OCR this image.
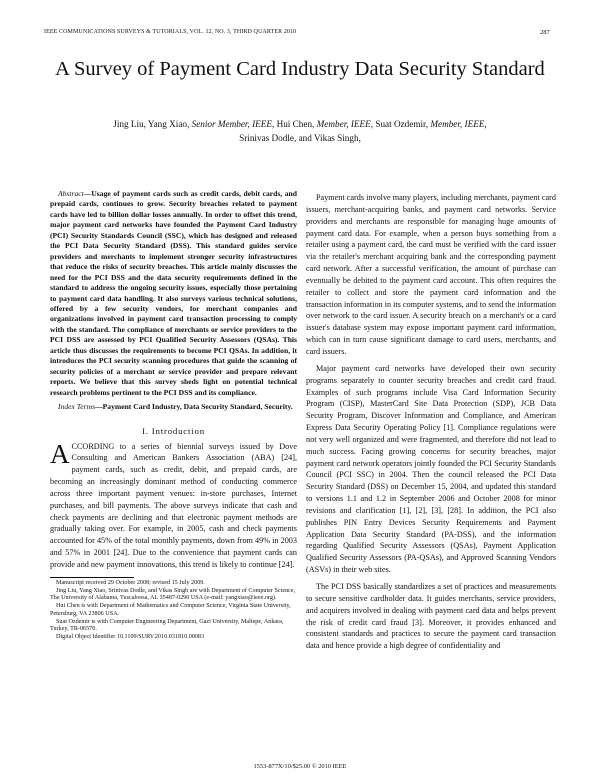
IEEE COMMUNICATIONS SURVEYS & TUTORIALS, VOL. 12, NO. 3, THIRD QUARTER 2010	287
A Survey of Payment Card Industry Data Security Standard
Jing Liu, Yang Xiao, Senior Member, IEEE, Hui Chen, Member, IEEE, Suat Ozdemir, Member, IEEE,
Srinivas Dodle, and Vikas Singh,

Abstract—Usage of payment cards such as credit cards, debit cards, and prepaid cards, continues to grow. Security breaches related to payment cards have led to billion dollar losses annually. In order to offset this trend, major payment card networks have founded the Payment Card Industry (PCI) Security Standards Council (SSC), which has designed and released the PCI Data Security Standard (DSS). This standard guides service providers and merchants to implement stronger security infrastructures that reduce the risks of security breaches. This article mainly discusses the need for the PCI DSS and the data security requirements defined in the standard to address the ongoing security issues, especially those pertaining to payment card data handling. It also surveys various technical solutions, offered by a few security vendors, for merchant companies and organizations involved in payment card transaction processing to comply with the standard. The compliance of merchants or service providers to the PCI DSS are assessed by PCI Qualified Security Assessors (QSAs). This article thus discusses the requirements to become PCI QSAs. In addition, it introduces the PCI security scanning procedures that guide the scanning of security policies of a merchant or service provider and prepare relevant reports. We believe that this survey sheds light on potential technical research problems pertinent to the PCI DSS and its compliance.

Index Terms—Payment Card Industry, Data Security Standard, Security.
I. Introduction

ACCORDING to a series of biennial surveys issued by Dove Consulting and American Bankers Association (ABA) [24], payment cards, such as credit, debit, and prepaid cards, are becoming an increasingly dominant method of conducting commerce across three important payment venues: in-store purchases, Internet purchases, and bill payments. The above surveys indicate that cash and check payments are declining and that electronic payment methods are gradually taking over. For example, in 2005, cash and check payments accounted for 45% of the total monthly payments, down from 49% in 2003 and 57% in 2001 [24]. Due to the convenience that payment cards can provide and new payment innovations, this trend is likely to continue [24].

Manuscript received 29 October 2008; revised 15 July 2009.

Jing Liu, Yang Xiao, Srinivas Dodle, and Vikas Singh are with Department of Computer Science, The University of Alabama, Tuscaloosa, AL 35487-0290 USA (e-mail: yangxiao@ieee.org).

Hui Chen is with Department of Mathematics and Computer Science, Virginia State University, Petersburg, VA 23806 USA.

Suat Ozdemir is with Computer Engineering Department, Gazi University, Maltepe, Ankara, Turkey, TR-06570.

Digital Object Identifier 10.1109/SURV.2010.031810.00083

Payment cards involve many players, including merchants, payment card issuers, merchant-acquiring banks, and payment card networks. Service providers and merchants are responsible for managing huge amounts of payment card data. For example, when a person buys something from a retailer using a payment card, the card must be verified with the card issuer via the retailer's merchant acquiring bank and the corresponding payment card network. After a successful verification, the amount of purchase can eventually be debited to the payment card account. This often requires the retailer to collect and store the payment card information and the transaction information in its computer systems, and to send the information over network to the card issuer. A security breach on a merchant's or a card issuer's database system may expose important payment card information, which can in turn cause significant damage to card users, merchants, and card issuers.

Major payment card networks have developed their own security programs separately to counter security breaches and credit card fraud. Examples of such programs include Visa Card Information Security Program (CISP), MasterCard Site Data Protection (SDP), JCB Data Security Program, Discover Information and Compliance, and American Express Data Security Operating Policy [1]. Compliance regulations were not very well organized and were fragmented, and therefore did not lead to much success. Facing growing concerns for security breaches, major payment card network operators jointly founded the PCI Security Standards Council (PCI SSC) in 2004. Then the council released the PCI Data Security Standard (DSS) on December 15, 2004, and updated this standard to versions 1.1 and 1.2 in September 2006 and October 2008 for minor revisions and clarification [1], [2], [3], [28]. In addition, the PCI also publishes PIN Entry Devices Security Requirements and Payment Application Data Security Standard (PA-DSS), and the information regarding Qualified Security Assessors (QSAs), Payment Application Qualified Security Assessors (PA-QSAs), and Approved Scanning Vendors (ASVs) in their web sites.

The PCI DSS basically standardizes a set of practices and measurements to secure sensitive cardholder data. It guides merchants, service providers, and acquirers involved in dealing with payment card data and helps prevent the risk of credit card fraud [3]. Moreover, it provides enhanced and consistent standards and practices to secure the payment card transaction data and hence provide a high degree of confidentiality and

1553-877X/10/$25.00 © 2010 IEEE
